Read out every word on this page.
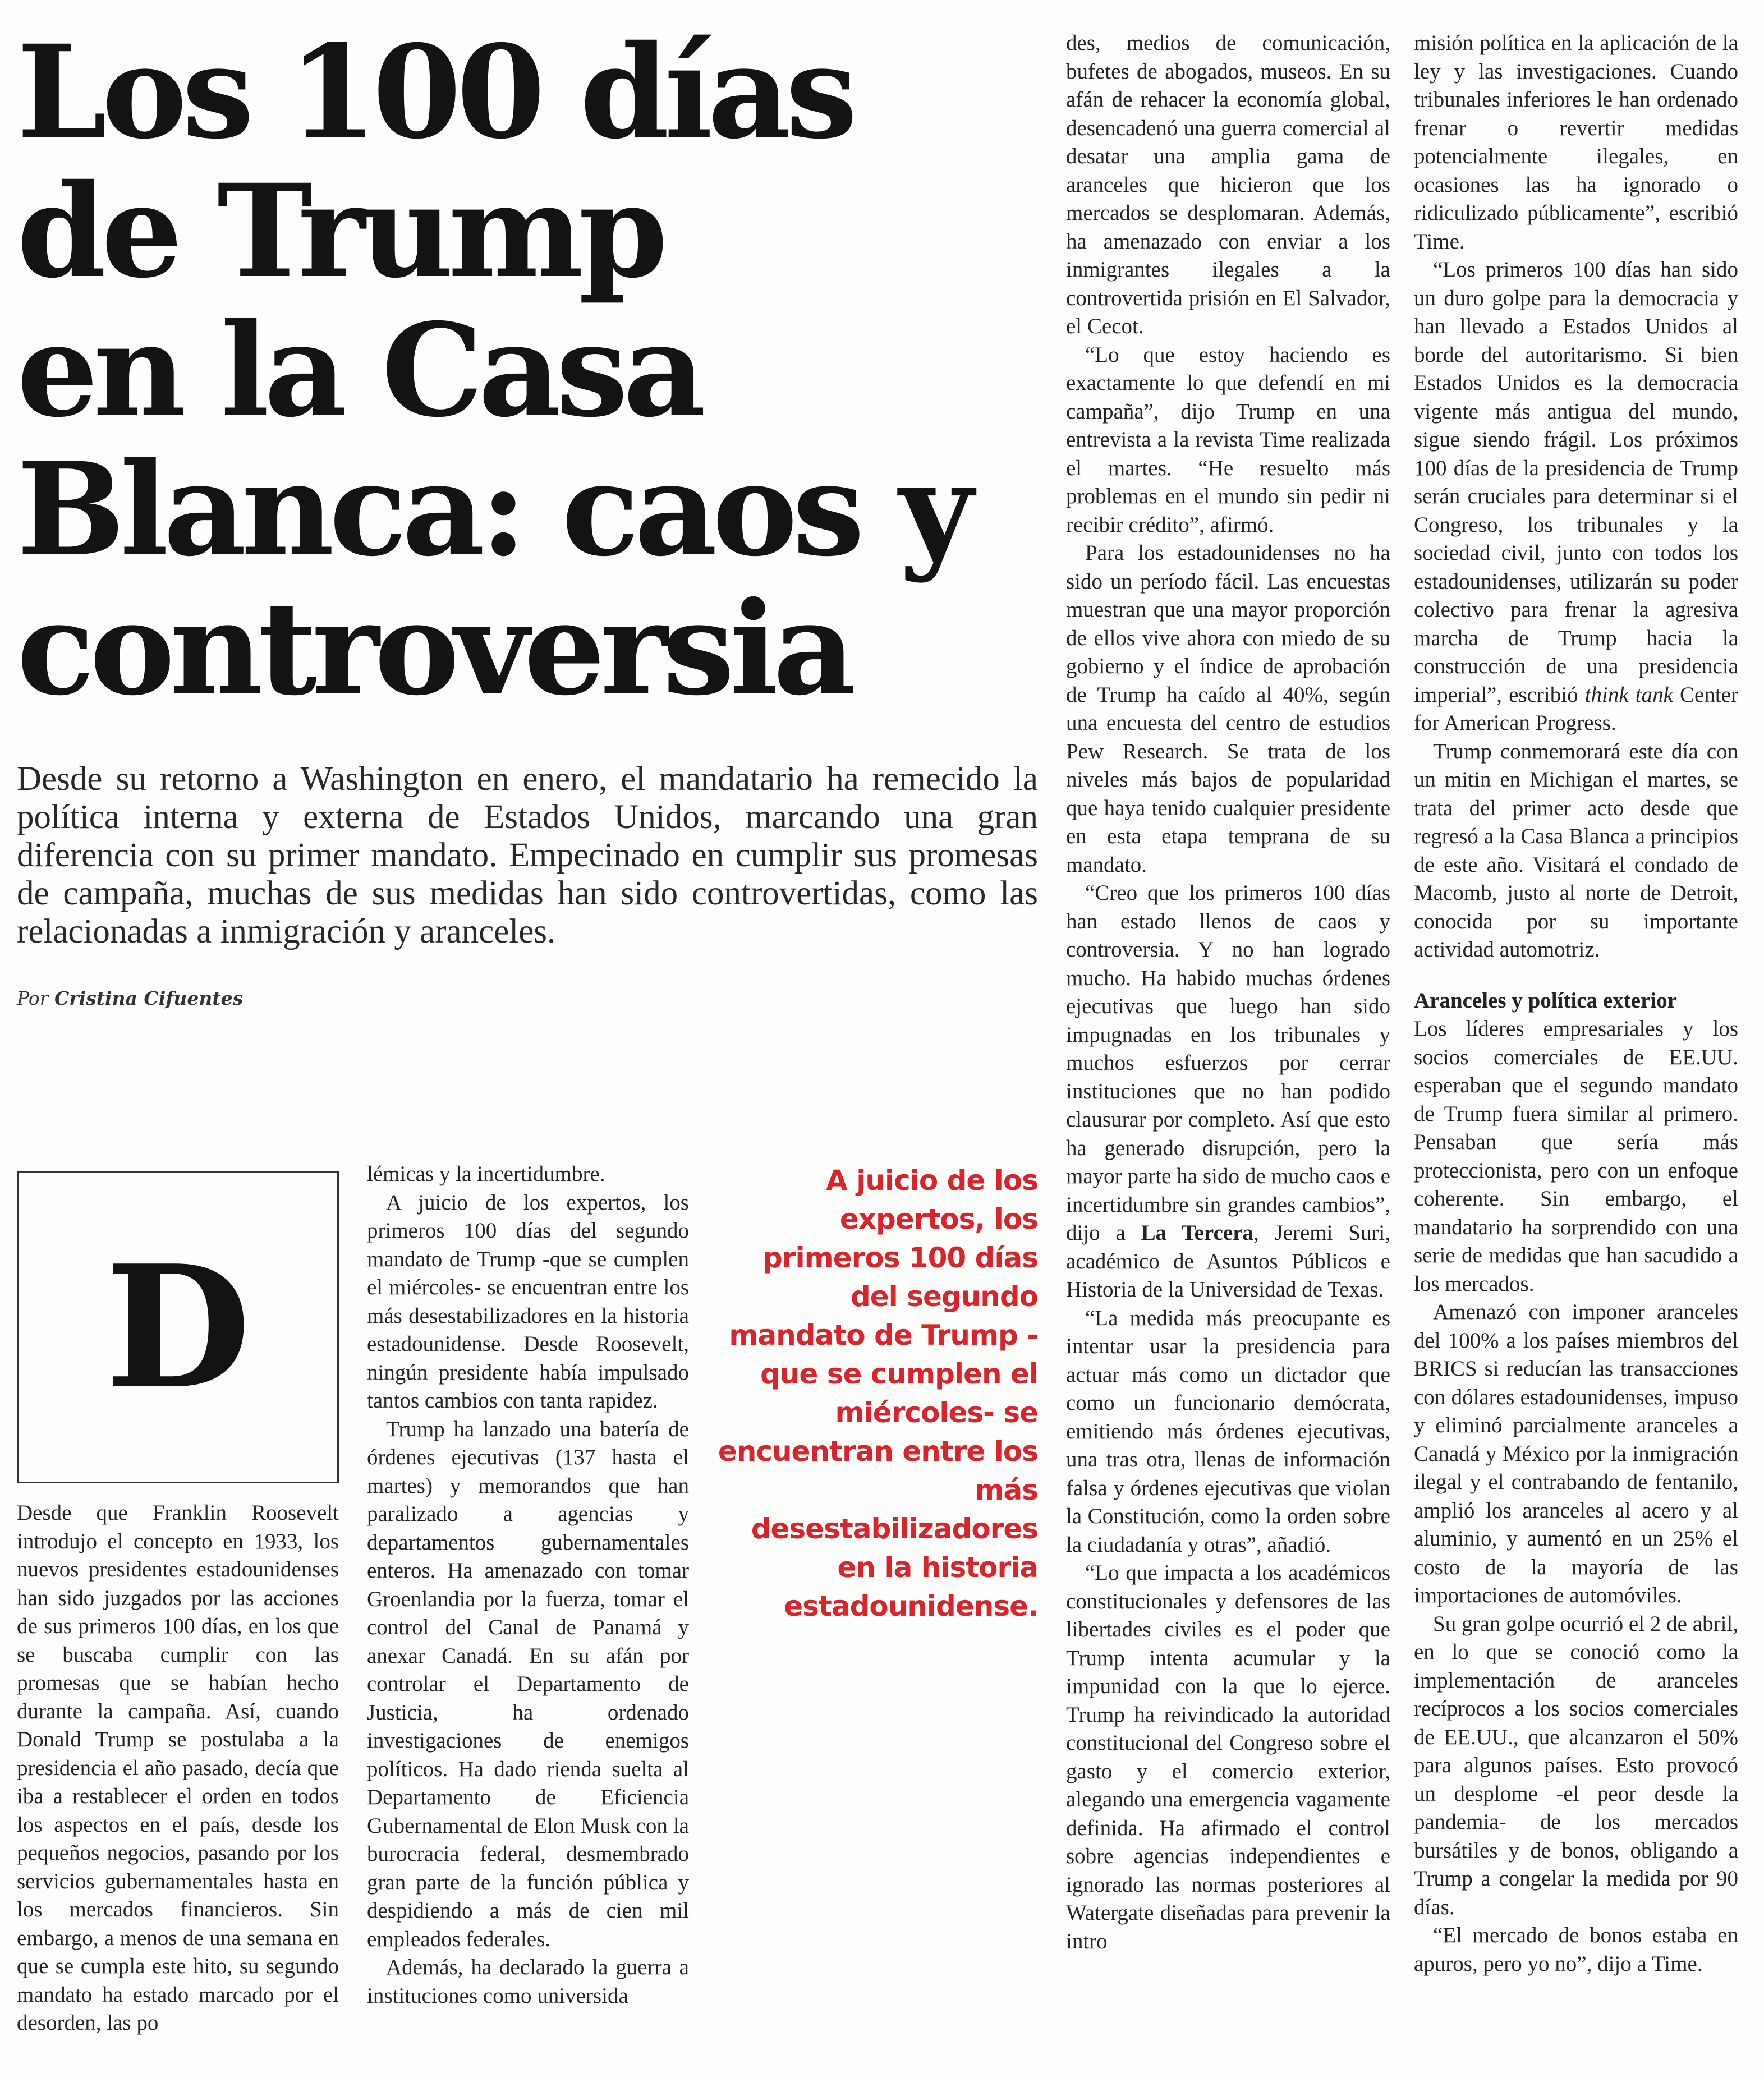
Los 100 días
de Trump
en la Casa
Blanca: caos y
controversia

Desde su retorno a Washington en enero, el mandatario ha remecido la política interna y externa de Estados Unidos, marcando una gran diferencia con su primer mandato. Empecinado en cumplir sus promesas de campaña, muchas de sus medidas han sido controvertidas, como las relacionadas a inmigración y aranceles.

Por Cristina Cifuentes
D

Desde que Franklin Roosevelt introdujo el concepto en 1933, los nuevos presidentes estadounidenses han sido juzgados por las acciones de sus primeros 100 días, en los que se buscaba cumplir con las promesas que se habían hecho durante la campaña. Así, cuando Donald Trump se postulaba a la presidencia el año pasado, decía que iba a restablecer el orden en todos los aspectos en el país, desde los pequeños negocios, pasando por los servicios gubernamentales hasta en los mercados financieros. Sin embargo, a menos de una semana en que se cumpla este hito, su segundo mandato ha estado marcado por el desorden, las po

lémicas y la incertidumbre.

A juicio de los expertos, los primeros 100 días del segundo mandato de Trump -que se cumplen el miércoles- se encuentran entre los más desestabilizadores en la historia estadounidense. Desde Roosevelt, ningún presidente había impulsado tantos cambios con tanta rapidez.

Trump ha lanzado una batería de órdenes ejecutivas (137 hasta el martes) y memorandos que han paralizado a agencias y departamentos gubernamentales enteros. Ha amenazado con tomar Groenlandia por la fuerza, tomar el control del Canal de Panamá y anexar Canadá. En su afán por controlar el Departamento de Justicia, ha ordenado investigaciones de enemigos políticos. Ha dado rienda suelta al Departamento de Eficiencia Gubernamental de Elon Musk con la burocracia federal, desmembrado gran parte de la función pública y despidiendo a más de cien mil empleados federales.

Además, ha declarado la guerra a instituciones como universida

A juicio de los expertos, los primeros 100 días del segundo mandato de Trump -que se cumplen el miércoles- se encuentran entre los más desestabilizadores en la historia estadounidense.

des, medios de comunicación, bufetes de abogados, museos. En su afán de rehacer la economía global, desencadenó una guerra comercial al desatar una amplia gama de aranceles que hicieron que los mercados se desplomaran. Además, ha amenazado con enviar a los inmigrantes ilegales a la controvertida prisión en El Salvador, el Cecot.

“Lo que estoy haciendo es exactamente lo que defendí en mi campaña”, dijo Trump en una entrevista a la revista Time realizada el martes. “He resuelto más problemas en el mundo sin pedir ni recibir crédito”, afirmó.

Para los estadounidenses no ha sido un período fácil. Las encuestas muestran que una mayor proporción de ellos vive ahora con miedo de su gobierno y el índice de aprobación de Trump ha caído al 40%, según una encuesta del centro de estudios Pew Research. Se trata de los niveles más bajos de popularidad que haya tenido cualquier presidente en esta etapa temprana de su mandato.

“Creo que los primeros 100 días han estado llenos de caos y controversia. Y no han logrado mucho. Ha habido muchas órdenes ejecutivas que luego han sido impugnadas en los tribunales y muchos esfuerzos por cerrar instituciones que no han podido clausurar por completo. Así que esto ha generado disrupción, pero la mayor parte ha sido de mucho caos e incertidumbre sin grandes cambios”, dijo a La Tercera, Jeremi Suri, académico de Asuntos Públicos e Historia de la Universidad de Texas.

“La medida más preocupante es intentar usar la presidencia para actuar más como un dictador que como un funcionario demócrata, emitiendo más órdenes ejecutivas, una tras otra, llenas de información falsa y órdenes ejecutivas que violan la Constitución, como la orden sobre la ciudadanía y otras”, añadió.

“Lo que impacta a los académicos constitucionales y defensores de las libertades civiles es el poder que Trump intenta acumular y la impunidad con la que lo ejerce. Trump ha reivindicado la autoridad constitucional del Congreso sobre el gasto y el comercio exterior, alegando una emergencia vagamente definida. Ha afirmado el control sobre agencias independientes e ignorado las normas posteriores al Watergate diseñadas para prevenir la intro

misión política en la aplicación de la ley y las investigaciones. Cuando tribunales inferiores le han ordenado frenar o revertir medidas potencialmente ilegales, en ocasiones las ha ignorado o ridiculizado públicamente”, escribió Time.

“Los primeros 100 días han sido un duro golpe para la democracia y han llevado a Estados Unidos al borde del autoritarismo. Si bien Estados Unidos es la democracia vigente más antigua del mundo, sigue siendo frágil. Los próximos 100 días de la presidencia de Trump serán cruciales para determinar si el Congreso, los tribunales y la sociedad civil, junto con todos los estadounidenses, utilizarán su poder colectivo para frenar la agresiva marcha de Trump hacia la construcción de una presidencia imperial”, escribió think tank Center for American Progress.

Trump conmemorará este día con un mitin en Michigan el martes, se trata del primer acto desde que regresó a la Casa Blanca a principios de este año. Visitará el condado de Macomb, justo al norte de Detroit, conocida por su importante actividad automotriz.

Aranceles y política exterior

Los líderes empresariales y los socios comerciales de EE.UU. esperaban que el segundo mandato de Trump fuera similar al primero. Pensaban que sería más proteccionista, pero con un enfoque coherente. Sin embargo, el mandatario ha sorprendido con una serie de medidas que han sacudido a los mercados.

Amenazó con imponer aranceles del 100% a los países miembros del BRICS si reducían las transacciones con dólares estadounidenses, impuso y eliminó parcialmente aranceles a Canadá y México por la inmigración ilegal y el contrabando de fentanilo, amplió los aranceles al acero y al aluminio, y aumentó en un 25% el costo de la mayoría de las importaciones de automóviles.

Su gran golpe ocurrió el 2 de abril, en lo que se conoció como la implementación de aranceles recíprocos a los socios comerciales de EE.UU., que alcanzaron el 50% para algunos países. Esto provocó un desplome -el peor desde la pandemia- de los mercados bursátiles y de bonos, obligando a Trump a congelar la medida por 90 días.

“El mercado de bonos estaba en apuros, pero yo no”, dijo a Time.
